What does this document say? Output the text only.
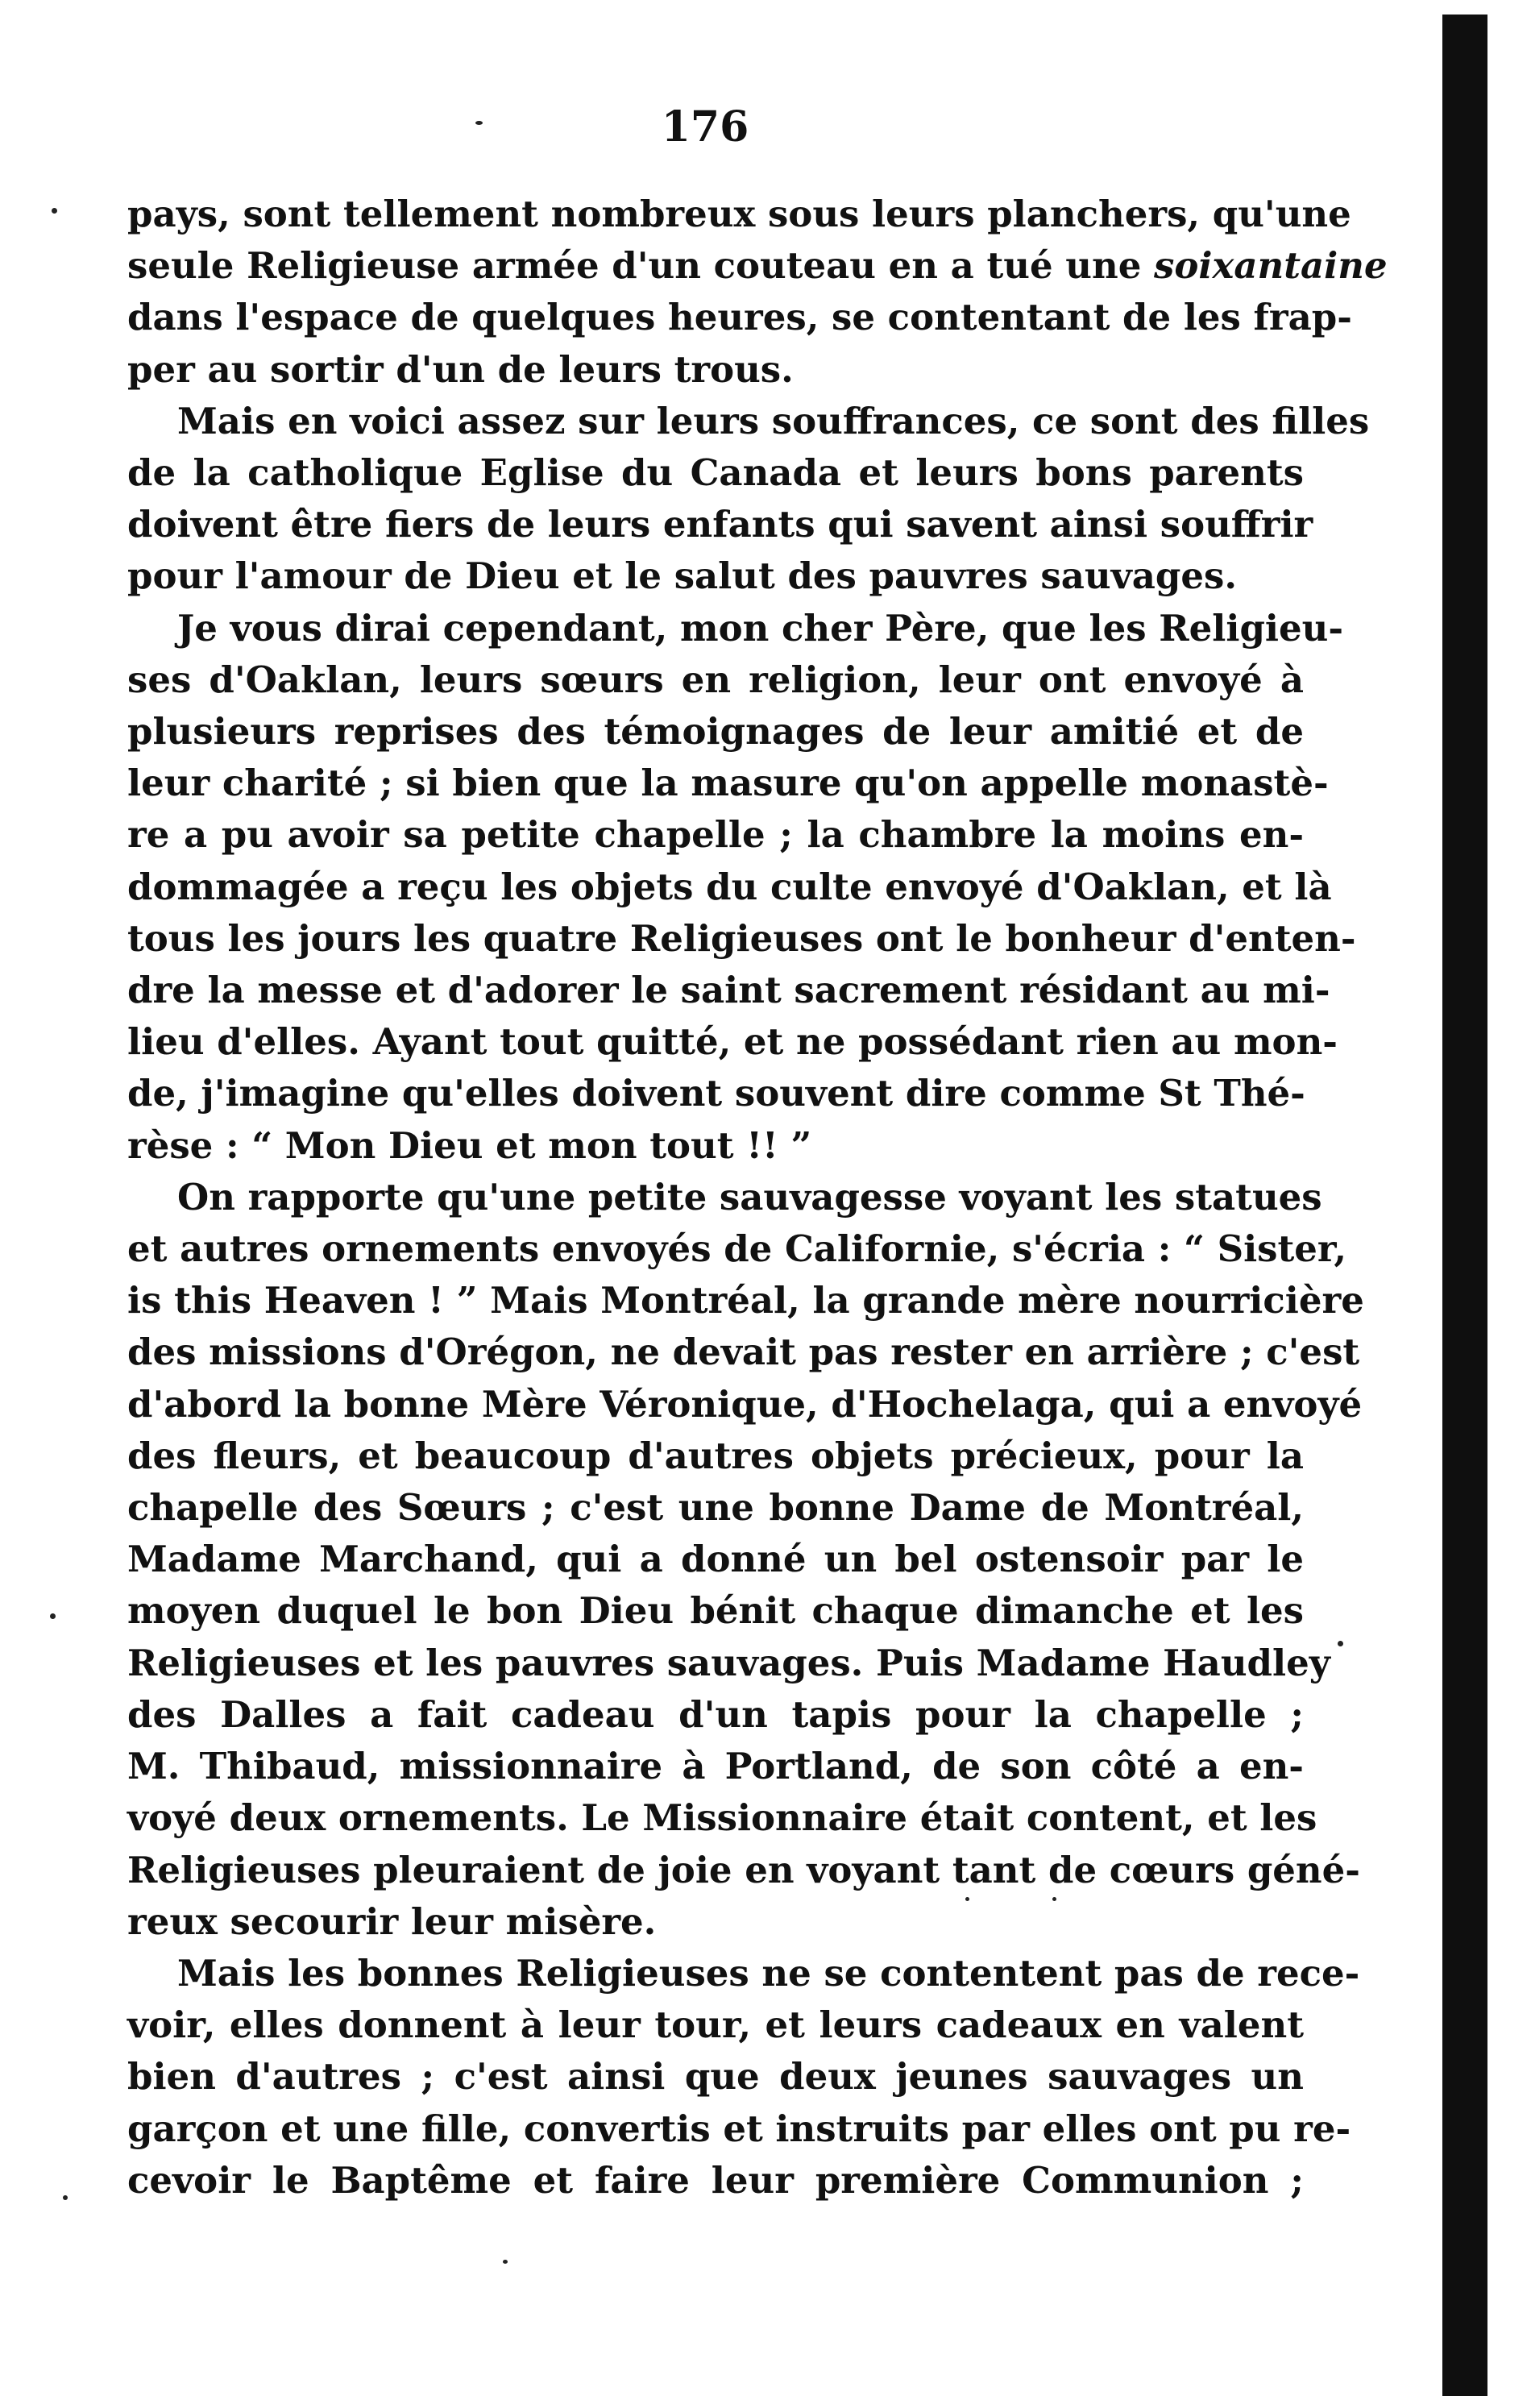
176

pays, sont tellement nombreux sous leurs planchers, qu'une
seule Religieuse armée d'un couteau en a tué une soixantaine
dans l'espace de quelques heures, se contentant de les frap-
per au sortir d'un de leurs trous.

Mais en voici assez sur leurs souffrances, ce sont des filles
de la catholique Eglise du Canada et leurs bons parents
doivent être fiers de leurs enfants qui savent ainsi souffrir
pour l'amour de Dieu et le salut des pauvres sauvages.

Je vous dirai cependant, mon cher Père, que les Religieu-
ses d'Oaklan, leurs sœurs en religion, leur ont envoyé à
plusieurs reprises des témoignages de leur amitié et de
leur charité ; si bien que la masure qu'on appelle monastè-
re a pu avoir sa petite chapelle ; la chambre la moins en-
dommagée a reçu les objets du culte envoyé d'Oaklan, et là
tous les jours les quatre Religieuses ont le bonheur d'enten-
dre la messe et d'adorer le saint sacrement résidant au mi-
lieu d'elles. Ayant tout quitté, et ne possédant rien au mon-
de, j'imagine qu'elles doivent souvent dire comme St Thé-
rèse : “ Mon Dieu et mon tout !! ”

On rapporte qu'une petite sauvagesse voyant les statues
et autres ornements envoyés de Californie, s'écria : “ Sister,
is this Heaven ! ” Mais Montréal, la grande mère nourricière
des missions d'Orégon, ne devait pas rester en arrière ; c'est
d'abord la bonne Mère Véronique, d'Hochelaga, qui a envoyé
des fleurs, et beaucoup d'autres objets précieux, pour la
chapelle des Sœurs ; c'est une bonne Dame de Montréal,
Madame Marchand, qui a donné un bel ostensoir par le
moyen duquel le bon Dieu bénit chaque dimanche et les
Religieuses et les pauvres sauvages. Puis Madame Haudley
des Dalles a fait cadeau d'un tapis pour la chapelle ;
M. Thibaud, missionnaire à Portland, de son côté a en-
voyé deux ornements. Le Missionnaire était content, et les
Religieuses pleuraient de joie en voyant tant de cœurs géné-
reux secourir leur misère.

Mais les bonnes Religieuses ne se contentent pas de rece-
voir, elles donnent à leur tour, et leurs cadeaux en valent
bien d'autres ; c'est ainsi que deux jeunes sauvages un
garçon et une fille, convertis et instruits par elles ont pu re-
cevoir le Baptême et faire leur première Communion ;
